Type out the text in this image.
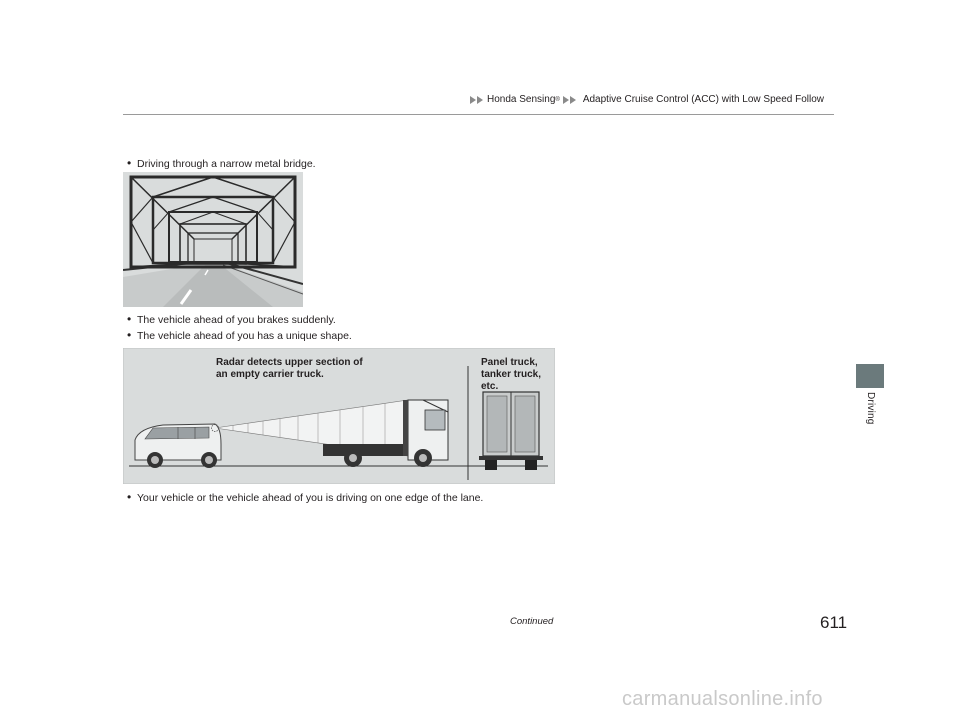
Honda Sensing ® Adaptive Cruise Control (ACC) with Low Speed Follow
Driving
• Driving through a narrow metal bridge.
• The vehicle ahead of you brakes suddenly.
• The vehicle ahead of you has a unique shape.
Radar detects upper section of
an empty carrier truck.
Panel truck,
tanker truck,
etc.
• Your vehicle or the vehicle ahead of you is driving on one edge of the lane.
Continued	611
carmanualsonline.info
